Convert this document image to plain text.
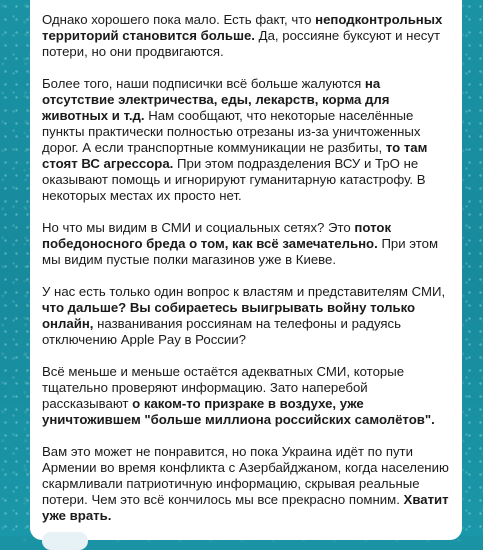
Однако хорошего пока мало. Есть факт, что неподконтрольных территорий становится больше. Да, россияне буксуют и несут потери, но они продвигаются.

Более того, наши подписички всё больше жалуются на отсутствие электричества, еды, лекарств, корма для животных и т.д. Нам сообщают, что некоторые населённые пункты практически полностью отрезаны из-за уничтоженных дорог. А если транспортные коммуникации не разбиты, то там стоят ВС агрессора. При этом подразделения ВСУ и ТрО не оказывают помощь и игнорируют гуманитарную катастрофу. В некоторых местах их просто нет.

Но что мы видим в СМИ и социальных сетях? Это поток победоносного бреда о том, как всё замечательно. При этом мы видим пустые полки магазинов уже в Киеве.

У нас есть только один вопрос к властям и представителям СМИ, что дальше? Вы собираетесь выигрывать войну только онлайн, названивания россиянам на телефоны и радуясь отключению Apple Pay в России?

Всё меньше и меньше остаётся адекватных СМИ, которые тщательно проверяют информацию. Зато наперебой рассказывают о каком-то призраке в воздухе, уже уничтожившем "больше миллиона российских самолётов".

Вам это может не понравится, но пока Украина идёт по пути Армении во время конфликта с Азербайджаном, когда населению скармливали патриотичную информацию, скрывая реальные потери. Чем это всё кончилось мы все прекрасно помним. Хватит уже врать.
